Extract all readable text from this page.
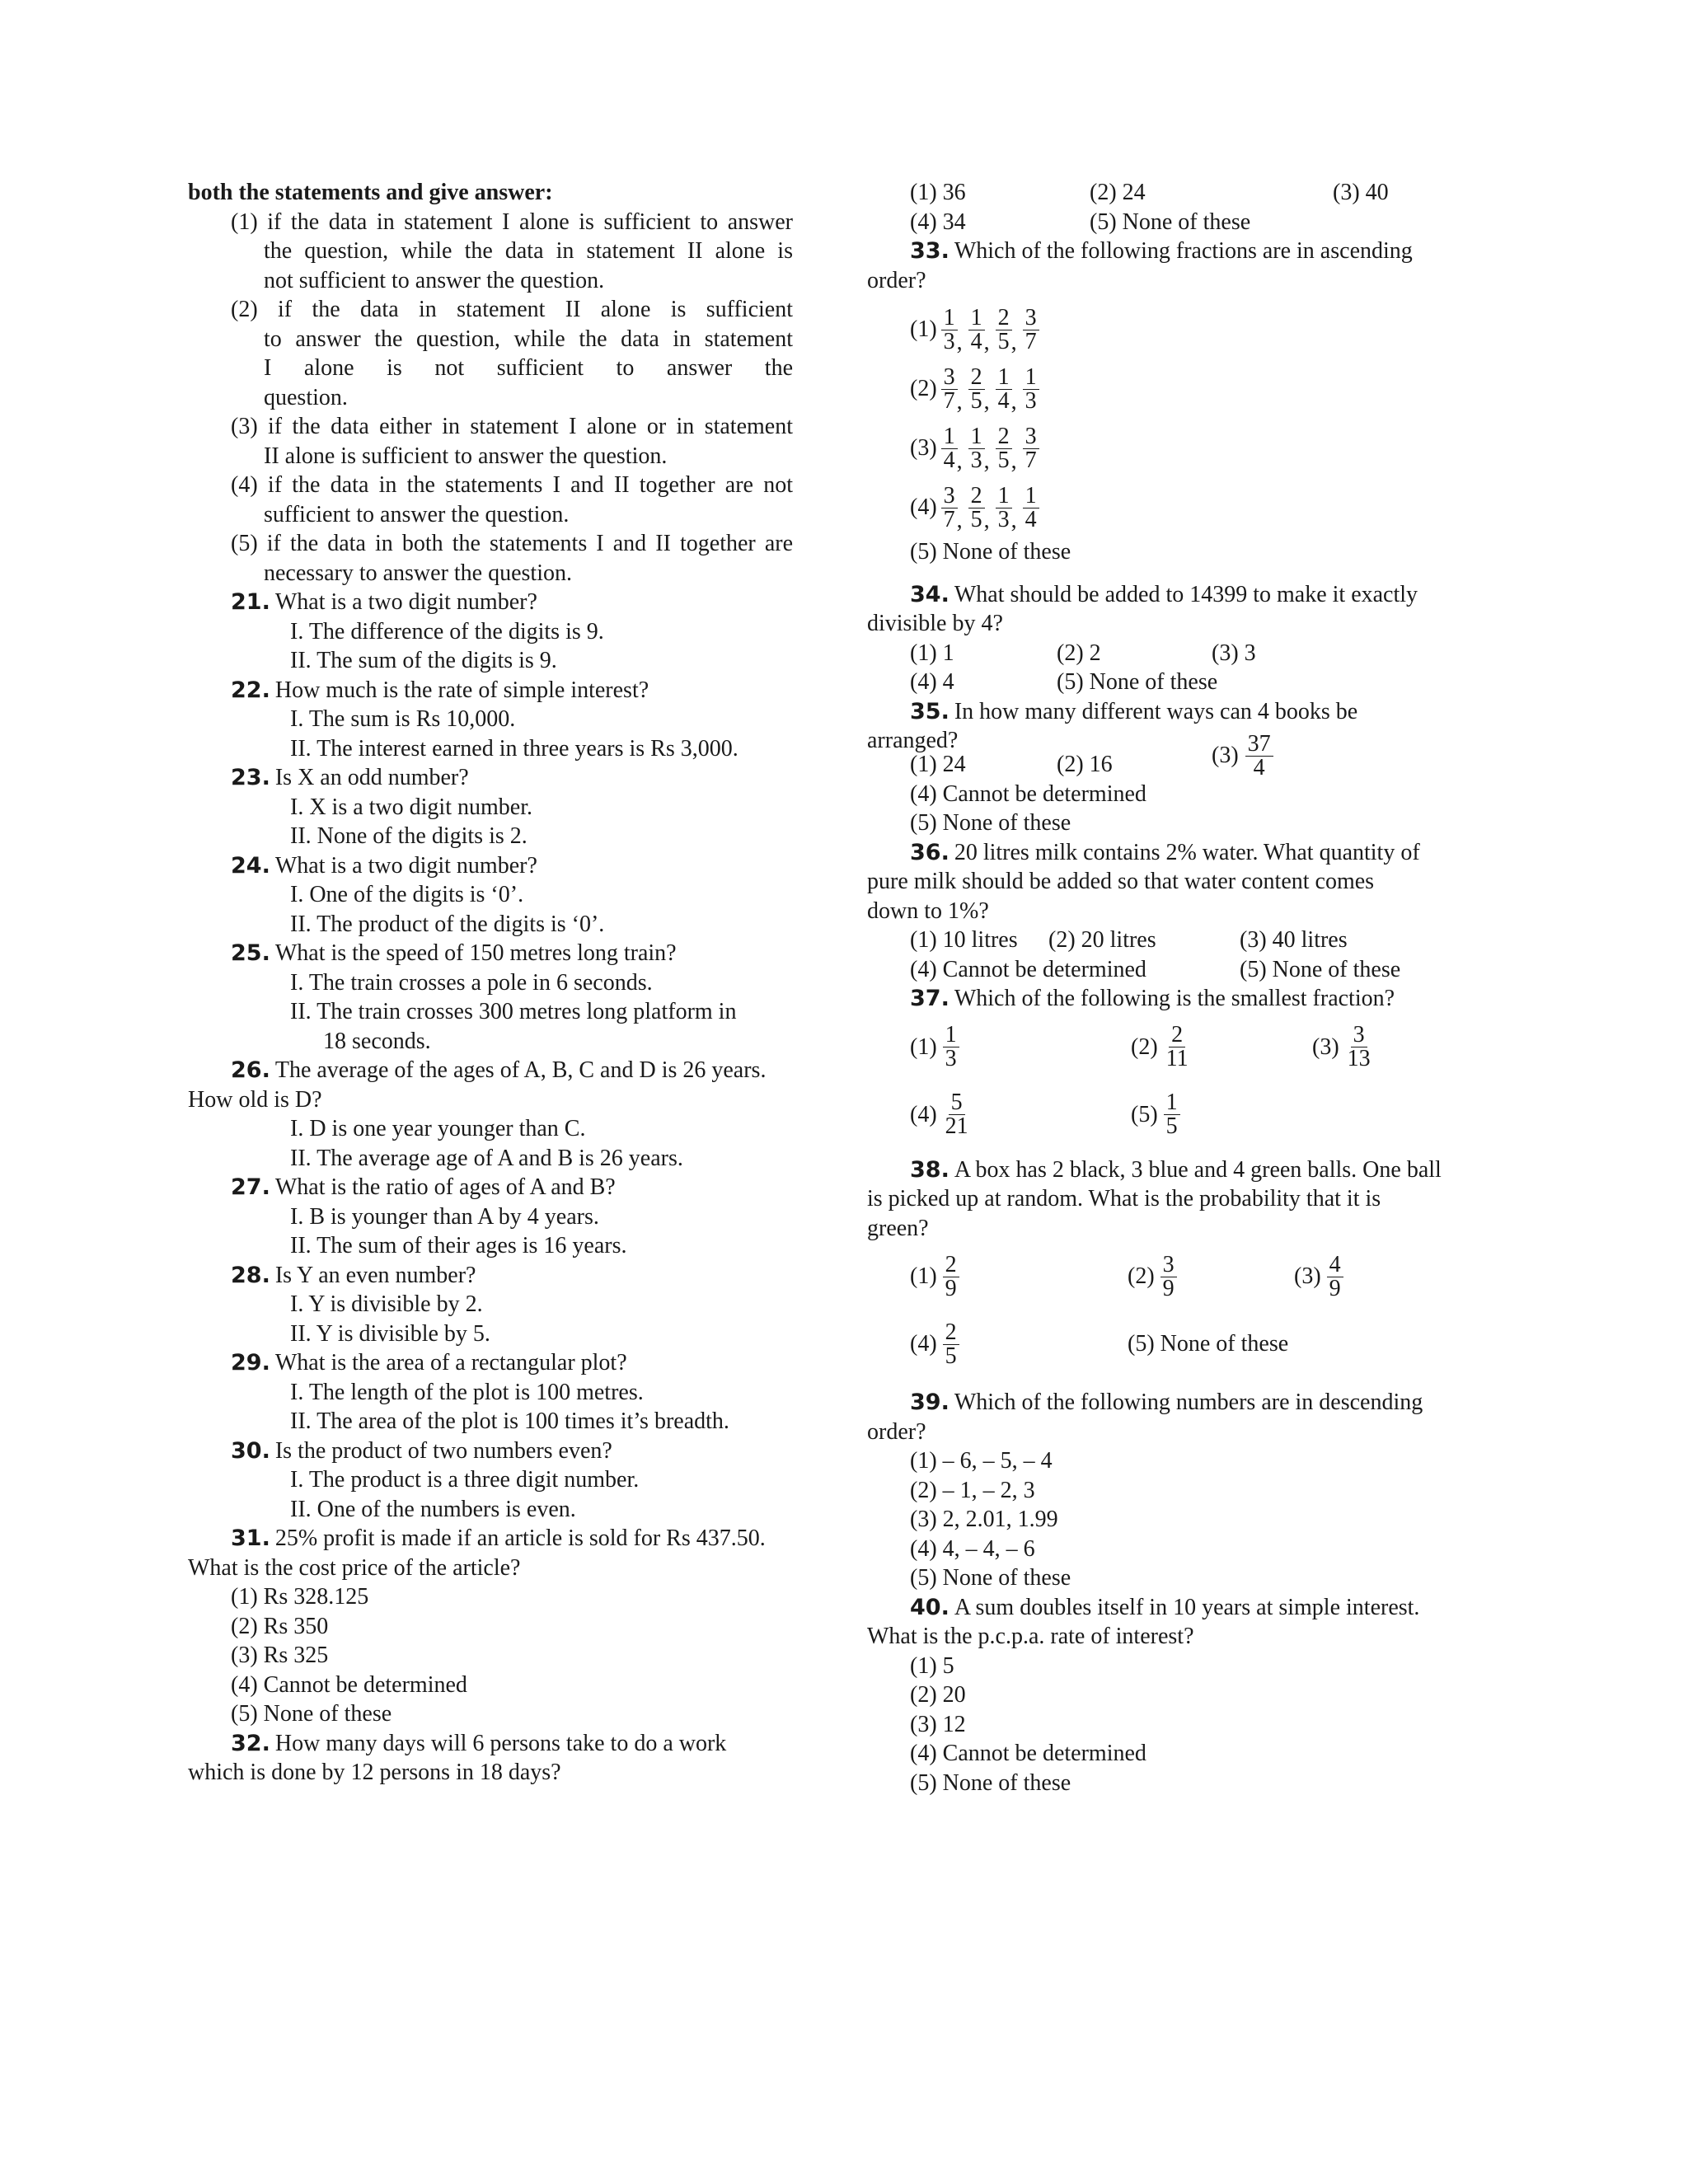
both the statements and give answer:
(1) if the data in statement I alone is sufficient to answer
the question, while the data in statement II alone is
not sufficient to answer the question.
(2) if the data in statement II alone is sufficient
to answer the question, while the data in statement
I alone is not sufficient to answer the
question.
(3) if the data either in statement I alone or in statement
II alone is sufficient to answer the question.
(4) if the data in the statements I and II together are not
sufficient to answer the question.
(5) if the data in both the statements I and II together are
necessary to answer the question.
21. What is a two digit number?
I. The difference of the digits is 9.
II. The sum of the digits is 9.
22. How much is the rate of simple interest?
I. The sum is Rs 10,000.
II. The interest earned in three years is Rs 3,000.
23. Is X an odd number?
I. X is a two digit number.
II. None of the digits is 2.
24. What is a two digit number?
I. One of the digits is ‘0’.
II. The product of the digits is ‘0’.
25. What is the speed of 150 metres long train?
I. The train crosses a pole in 6 seconds.
II. The train crosses 300 metres long platform in
18 seconds.
26. The average of the ages of A, B, C and D is 26 years.
How old is D?
I. D is one year younger than C.
II. The average age of A and B is 26 years.
27. What is the ratio of ages of A and B?
I. B is younger than A by 4 years.
II. The sum of their ages is 16 years.
28. Is Y an even number?
I. Y is divisible by 2.
II. Y is divisible by 5.
29. What is the area of a rectangular plot?
I. The length of the plot is 100 metres.
II. The area of the plot is 100 times it’s breadth.
30. Is the product of two numbers even?
I. The product is a three digit number.
II. One of the numbers is even.
31. 25% profit is made if an article is sold for Rs 437.50.
What is the cost price of the article?
(1) Rs 328.125
(2) Rs 350
(3) Rs 325
(4) Cannot be determined
(5) None of these
32. How many days will 6 persons take to do a work
which is done by 12 persons in 18 days?
(1) 36	(2) 24	(3) 40
(4) 34	(5) None of these
33. Which of the following fractions are in ascending
order?
$(1) \frac{1}{3}$ , $\frac{1}{4}$ , $\frac{2}{5}$ , $\frac{3}{7}$
$(2) \frac{3}{7}$ , $\frac{2}{5}$ , $\frac{1}{4}$ , $\frac{1}{3}$
$(3) \frac{1}{4}$ , $\frac{1}{3}$ , $\frac{2}{5}$ , $\frac{3}{7}$
$(4) \frac{3}{7}$ , $\frac{2}{5}$ , $\frac{1}{3}$ , $\frac{1}{4}$
(5) None of these
34. What should be added to 14399 to make it exactly
divisible by 4?
(1) 1	(2) 2	(3) 3
(4) 4	(5) None of these
35. In how many different ways can 4 books be
arranged?
(1) 24	(2) 16	$(3) \frac{37}{4}$
(4) Cannot be determined
(5) None of these
36. 20 litres milk contains 2% water. What quantity of
pure milk should be added so that water content comes
down to 1%?
(1) 10 litres	(2) 20 litres	(3) 40 litres
(4) Cannot be determined	(5) None of these
37. Which of the following is the smallest fraction?
$(1) \frac{1}{3}$	$(2) \frac{2}{11}$	$(3) \frac{3}{13}$
$(4) \frac{5}{21}$	$(5) \frac{1}{5}$
38. A box has 2 black, 3 blue and 4 green balls. One ball
is picked up at random. What is the probability that it is
green?
$(1) \frac{2}{9}$	$(2) \frac{3}{9}$	$(3) \frac{4}{9}$
$(4) \frac{2}{5}$	(5) None of these
39. Which of the following numbers are in descending
order?
(1) – 6, – 5, – 4
(2) – 1, – 2, 3
(3) 2, 2.01, 1.99
(4) 4, – 4, – 6
(5) None of these
40. A sum doubles itself in 10 years at simple interest.
What is the p.c.p.a. rate of interest?
(1) 5
(2) 20
(3) 12
(4) Cannot be determined
(5) None of these
